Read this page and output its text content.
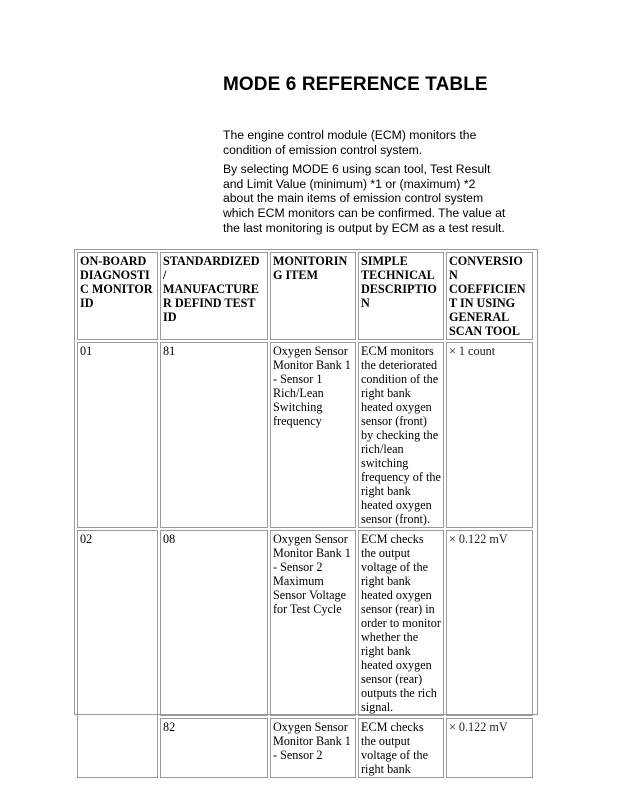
MODE 6 REFERENCE TABLE

The engine control module (ECM) monitors the condition of emission control system.

By selecting MODE 6 using scan tool, Test Result and Limit Value (minimum) *1 or (maximum) *2 about the main items of emission control system which ECM monitors can be confirmed. The value at the last monitoring is output by ECM as a test result.

ON-BOARD DIAGNOSTIC MONITOR ID	STANDARDIZED / MANUFACTURER DEFIND TEST ID	MONITORING ITEM	SIMPLE TECHNICAL DESCRIPTION	CONVERSION COEFFICIENT IN USING GENERAL SCAN TOOL
01	81	Oxygen Sensor Monitor Bank 1 - Sensor 1 Rich/Lean Switching frequency	ECM monitors the deteriorated condition of the right bank heated oxygen sensor (front) by checking the rich/lean switching frequency of the right bank heated oxygen sensor (front).	× 1 count
02	08	Oxygen Sensor Monitor Bank 1 - Sensor 2 Maximum Sensor Voltage for Test Cycle	ECM checks the output voltage of the right bank heated oxygen sensor (rear) in order to monitor whether the right bank heated oxygen sensor (rear) outputs the rich signal.	× 0.122 mV
	82	Oxygen Sensor Monitor Bank 1 - Sensor 2	ECM checks the output voltage of the right bank	× 0.122 mV
